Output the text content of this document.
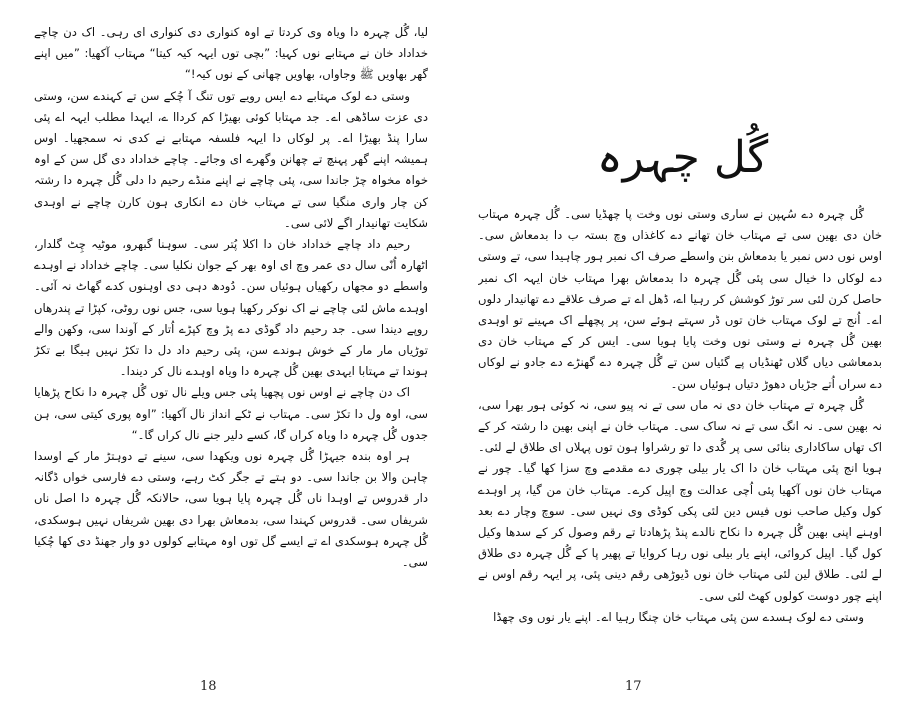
لیا، گُل چہرہ دا ویاہ وی کردتا تے اوہ کنواری دی کنواری ای رہی۔ اک دن چاچے خداداد خان نے مہتابے نوں کہیا: ”بچی توں ایہہ کیہ کیتا“ مہتاب آکھیا: ”میں اپنے گھر بھاویں ﷺ وجاواں، بھاویں چھانی کے نوں کیہ!“

وستی دے لوک مہتابے دے ایس رویے توں تنگ آ چُکے سن تے کہندے سن، وستی دی عزت ساڈھی اے۔ جد مہتابا کوئی بھیڑا کم کرداا ے، ایہدا مطلب ایہہ اے پئی سارا پنڈ بھیڑا اے۔ پر لوکاں دا ایہہ فلسفہ مہتابے نے کدی نہ سمجھیا۔ اوس ہمیشہ اپنے گھر پہنچ تے چھانن وگھرے ای وجائے۔ چاچے خداداد دی گل سن کے اوہ خواہ مخواہ چڑ جاندا سی، پئی چاچے نے اپنے منڈے رحیم دا دلی گُل چہرہ دا رشتہ کن چار واری منگیا سی تے مہتاب خان دے انکاری ہون کارن چاچے نے اوہدی شکایت تھانیدار اگے لائی سی۔

رحیم داد چاچے خداداد خان دا اکلا پُتر سی۔ سوہنا گبھرو، موٹیہ چِٹ گلدار، اٹھارہ اُنّی سال دی عمر وچ ای اوہ بھر کے جوان نکلیا سی۔ چاچے خداداد نے اوہدے واسطے دو مجھاں رکھیاں ہوئیاں سن۔ دُودھ دہی دی اوہنوں کدے گھاٹ نہ آئی۔ اوہدے ماش لئی چاچے نے اک نوکر رکھیا ہویا سی، جس نوں روٹی، کپڑا تے پندرھاں روپے دیندا سی۔ جد رحیم داد گوڈی دے پڑ وچ کپڑے اُتار کے آوندا سی، وکھن والے توڑیاں مار مار کے خوش ہوندے سن، پئی رحیم داد دل دا تکڑ نہیں ہیگا بے تکڑ ہوندا تے مہتابا ایہدی بھین گُل چہرہ دا ویاہ اوہدے نال کر دیندا۔

اک دن چاچے نے اوس نوں پچھیا پئی جس ویلے نال توں گُل چہرہ دا نکاح پڑھایا سی، اوہ ول دا تکڑ سی۔ مہتاب نے ٹکے انداز نال آکھیا: ”اوہ پوری کیتی سی، ہن جدوں گُل چہرہ دا ویاہ کراں گا، کسے دلیر جنے نال کراں گا۔“

ہر اوہ بندہ جیہڑا گُل چہرہ نوں ویکھدا سی، سینے تے دوہتڑ مار کے اوسدا چاہن والا بن جاندا سی۔ دو ہتے تے جگر کٹ رہے، وستی دے فارسی خواں ڈگانہ دار قدروس تے اوہدا ناں گُل چہرہ پایا ہویا سی، حالانکہ گُل چہرہ دا اصل ناں شریفاں سی۔ قدروس کہندا سی، بدمعاش بھرا دی بھین شریفاں نہیں ہوسکدی، گُل چہرہ ہوسکدی اے تے ایسے گل توں اوہ مہتابے کولوں دو وار جھنڈ دی کھا چُکیا سی۔

18
گُل چہرہ

گُل چہرہ دے سُہپن نے ساری وستی نوں وخت پا چھڈیا سی۔ گُل چہرہ مہتاب خان دی بھین سی تے مہتاب خان تھانے دے کاغذاں وچ بستہ ب دا بدمعاش سی۔ اوس نوں دس نمبر یا بدمعاش بنن واسطے صرف اک نمبر ہور چاہیدا سی، تے وستی دے لوکاں دا خیال سی پئی گُل چہرہ دا بدمعاش بھرا مہتاب خان ایہہ اک نمبر حاصل کرن لئی سر توڑ کوشش کر رہیا اے، ڈھل اے تے صرف علاقے دے تھانیدار دلوں اے۔ اُنج تے لوک مہتاب خان توں ڈر سہتے ہوئے سن، پر پچھلے اک مہینے تو اوہدی بھین گُل چہرہ نے وستی نوں وخت پایا ہویا سی۔ ایس کر کے مہتاب خان دی بدمعاشی دیاں گلاں ٹھنڈیاں پے گئیاں سن تے گُل چہرہ دے گھنڑے دے جادو نے لوکاں دے سراں اُتے جڑیاں دھوڑ دتیاں ہوئیاں سن۔

گُل چہرہ تے مہتاب خان دی نہ ماں سی تے نہ پیو سی، نہ کوئی ہور بھرا سی، نہ بھین سی۔ نہ انگ سی تے نہ ساک سی۔ مہتاب خان نے اپنی بھین دا رشتہ کر کے اک تھاں ساکاداری بنائی سی پر گُدی دا تو رشراوا ہون توں پہلاں ای طلاق لے لئی۔ ہویا انج پئی مہتاب خان دا اک یار بیلی چوری دے مقدمے وچ سزا کھا گیا۔ چور نے مہتاب خان نوں آکھیا پئی اُچی عدالت وچ اپیل کرے۔ مہتاب خان من گیا، پر اوہدے کول وکیل صاحب نوں فیس دین لئی پکی کوڈی وی نہیں سی۔ سوچ وچار دے بعد اوہنے اپنی بھین گُل چہرہ دا نکاح نالدے پنڈ پڑھادتا تے رقم وصول کر کے سدھا وکیل کول گیا۔ اپیل کروائی، اپنے یار بیلی نوں رہا کروایا تے پھیر پا کے گُل چہرہ دی طلاق لے لئی۔ طلاق لین لئی مہتاب خان نوں ڈیوڑھی رقم دینی پئی، پر ایہہ رقم اوس نے اپنے چور دوست کولوں کھٹ لئی سی۔

وستی دے لوک ہسدے سن پئی مہتاب خان چنگا رہیا اے۔ اپنے یار نوں وی چھڈا

17
